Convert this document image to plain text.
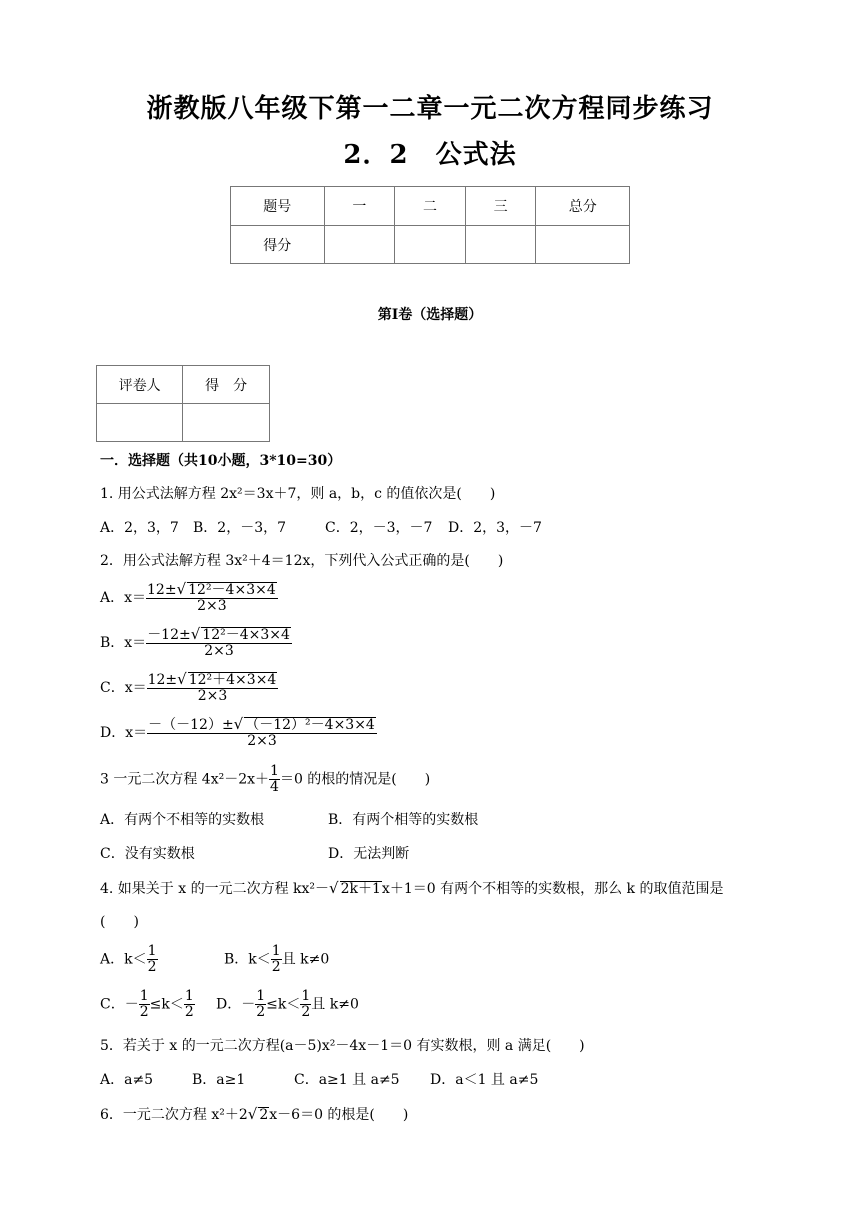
浙教版八年级下第一二章一元二次方程同步练习
2．2　公式法
题号	一	二	三	总分
得分				
第Ⅰ卷（选择题）
评卷人	得　分

一．选择题（共10小题，3*10=30）
1. 用公式法解方程 2x²＝3x＋7，则 a，b，c 的值依次是(　　)
A．2，3，7 B．2，－3，7	C．2，－3，－7 D．2，3，－7
2．用公式法解方程 3x²＋4＝12x，下列代入公式正确的是(　　)
A．$x= \frac{\text{12±√ 12²－4×3×4}}{2\times 3}$
B．$x= \frac{\text{－12±√ 12²－4×3×4}}{2\times 3}$
C．$x= \frac{\text{12±√ 12²＋4×3×4}}{2\times 3}$
D．$x= \frac{\text{－（－12）±√ （－12）²－4×3×4}}{2\times 3}$
3 一元二次方程 $4x^2-2x+ \frac{1}{4} =0$ 的根的情况是(　　)
A．有两个不相等的实数根	B．有两个相等的实数根
C．没有实数根	D．无法判断
4. 如果关于 x 的一元二次方程 kx²－√ 2k＋1x＋1＝0 有两个不相等的实数根，那么 k 的取值范围是
(　　)
A．$k< \frac{1}{2}$	B．$k< \frac{1}{2}$ 且 k≠0
C．－ $\frac{1}{2} \le k< \frac{1}{2}$ D．－ $\frac{1}{2} \le k< \frac{1}{2}$ 且 k≠0
5．若关于 x 的一元二次方程(a－5)x²－4x－1＝0 有实数根，则 a 满足(　　)
A．a≠5	B．a≥1	C．a≥1 且 a≠5 D．a＜1 且 a≠5
6．一元二次方程 x²＋2√ 2x－6＝0 的根是(　　)
